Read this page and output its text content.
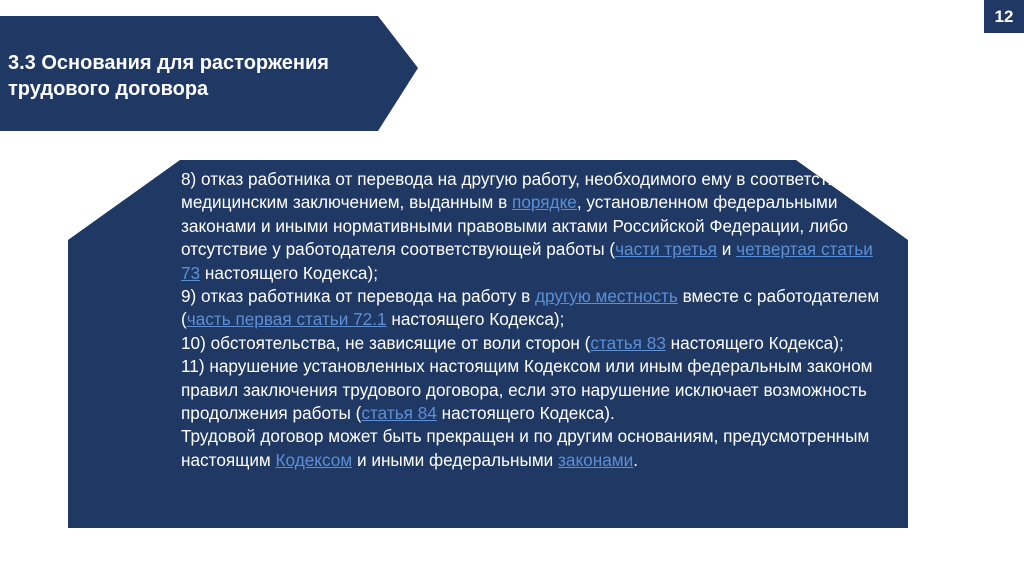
3.3 Основания для расторжения трудового договора
12

8) отказ работника от перевода на другую работу, необходимого ему в соответствии с медицинским заключением, выданным в порядке, установленном федеральными законами и иными нормативными правовыми актами Российской Федерации, либо отсутствие у работодателя соответствующей работы (части третья и четвертая статьи 73 настоящего Кодекса);

9) отказ работника от перевода на работу в другую местность вместе с работодателем (часть первая статьи 72.1 настоящего Кодекса);

10) обстоятельства, не зависящие от воли сторон (статья 83 настоящего Кодекса);

11) нарушение установленных настоящим Кодексом или иным федеральным законом правил заключения трудового договора, если это нарушение исключает возможность продолжения работы (статья 84 настоящего Кодекса).

Трудовой договор может быть прекращен и по другим основаниям, предусмотренным настоящим Кодексом и иными федеральными законами.
